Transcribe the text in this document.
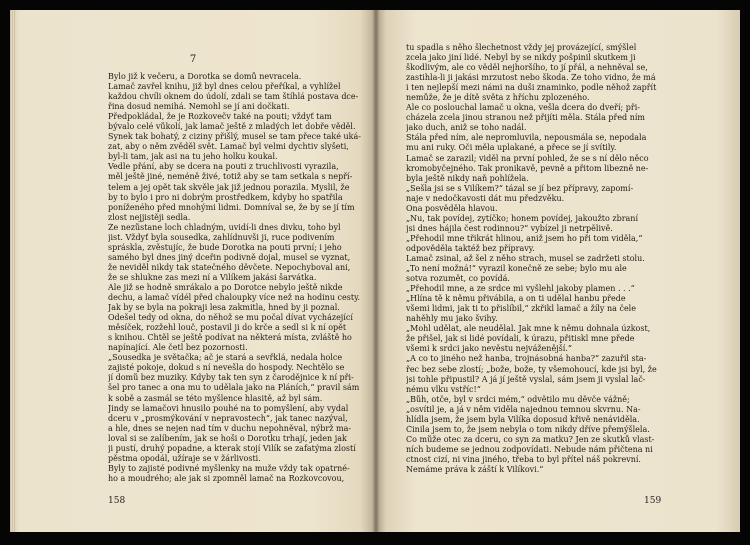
7
Bylo již k večeru, a Dorotka se domů nevracela.
Lamač zavřel knihu, již byl dnes celou přeříkal, a vyhlížel
každou chvíli oknem do údolí, zdali se tam štíhlá postava dce-
řina dosud nemihá. Nemohl se jí ani dočkati.
Předpokládal, že je Rozkovečv také na pouti; vždyť tam
bývalo celé vůkolí, jak lamač ještě z mladých let dobře věděl.
Synek tak bohatý, z ciziny přišlý, musel se tam přece také uká-
zat, aby o něm zvěděl svět. Lamač byl velmi dychtiv slyšeti,
byl-li tam, jak asi na tu jeho holku koukal.
Vedle přání, aby se dcera na pouti z truchlivosti vyrazila,
měl ještě jiné, neméně živé, totiž aby se tam setkala s nepří-
telem a jej opět tak skvěle jak již jednou porazila. Myslil, že
by to bylo i pro ni dobrým prostředkem, kdyby ho spatřila
poníženého před mnohými lidmi. Domníval se, že by se jí tím
zlost nejjistěji sedla.
Že nezůstane loch chladným, uvidí-li dnes divku, toho byl
jist. Vždyť byla sousedka, zahlídnuvši ji, ruce podivením
spráskla, zvěstujíc, že bude Dorotka na pouti první; i jeho
samého byl dnes jiný dceřin podivně dojal, musel se vyznat,
že neviděl nikdy tak statečného děvčete. Nepochyboval ani,
že se shlukne zas mezi ní a Vilíkem jakási šarvátka.
Ale již se hodně smrákalo a po Dorotce nebylo ještě nikde
dechu, a lamač vídél před chaloupky více než na hodinu cesty.
Jak by se byla na pokraji lesa zakmitla, hned by ji poznal.
Odešel tedy od okna, do něhož se mu počal dívat vycházející
měsíček, rozžehl louč, postavil ji do krče a sedl si k ní opět
s knihou. Chtěl se ještě podívat na některá místa, zvláště ho
napínající. Ale četl bez pozornosti.
„Sousedka je světačka; ač je stará a sevřklá, nedala holce
zajisté pokoje, dokud s ní nevešla do hospody. Nechtělo se
jí domů bez muziky. Kdyby tak ten syn z čarodějnice k ní při-
šel pro tanec a ona mu to udělala jako na Pláních,“ pravil sám
k sobě a zasmál se této myšlence hlasitě, až byl sám.
Jindy se lamačovi hnusilo pouhé na to pomyšlení, aby vydal
dceru v „prosmýkování v nepravostech“, jak tanec nazýval,
a hle, dnes se nejen nad tím v duchu nepohněval, nýbrž ma-
loval si se zalíbením, jak se hoši o Dorotku trhají, jeden jak
ji pustí, druhý popadne, a kterak stojí Vilík se zafatýma zlostí
pěstma opodál, užíraje se v žárlivosti.
Byly to zajisté podivné myšlenky na muže vždy tak opatrné-
ho a moudrého; ale jak si zpomněl lamač na Rozkovcovou,
158
tu spadla s něho šlechetnost vždy jej provázející, smýšlel
zcela jako jiní lidé. Nebyl by se nikdy pošpinil skutkem ji
škodlivým, ale co věděl nejhoršího, to jí přál, a nehněval se,
zastihla-li ji jakási mrzutost nebo škoda. Že toho vidno, že má
i ten nejlepší mezi námi na duši znaminko, podle něhož zapřít
nemůže, že je dítě světa z hříchu zplozeného.
Ale co poslouchal lamač u okna, vešla dcera do dveří; při-
cházela zcela jinou stranou než přijíti měla. Stála před ním
jako duch, aniž se toho nadál.
Stála před ním, ale nepromluvila, nepousmála se, nepodala
mu ani ruky. Oči měla uplakané, a přece se jí svítily.
Lamač se zarazil; viděl na první pohled, že se s ní dělo něco
kromobyčejného. Tak pronikavě, pevně a přitom libezně ne-
byla ještě nikdy naň pohlížela.
„Sešla jsi se s Vilíkem?“ tázal se jí bez přípravy, zapomí-
naje v nedočkavosti dát mu předzvěku.
Ona posvěděla hlavou.
„Nu, tak povídej, zytíčko; honem povídej, jakoužto zbraní
jsi dnes hájila čest rodinnou?“ vybízel ji netrpělivě.
„Přehodil mne třikrát hlinou, aniž jsem ho při tom viděla,“
odpověděla taktéž bez přípravy.
Lamač zsinal, až šel z něho strach, musel se zadržeti stolu.
„To není možná!“ vyrazil konečně ze sebe; bylo mu ale
sotva rozumět, co povídá.
„Přehodil mne, a ze srdce mi vyšlehl jakoby plamen . . .“
„Hlína tě k němu přivábila, a on ti udělal hanbu přede
všemi lidmi, jak ti to přislíbil,“ zkřikl lamač a žíly na čele
nahěhly mu jako švihy.
„Mohl udělat, ale neudělal. Jak mne k němu dohnala úzkost,
že přišel, jak si lidé povídali, k úrazu, přitiskl mne přede
všemi k srdci jako nevěstu nejváženější.“
„A co to jiného než hanba, trojnásobná hanba?“ zazuřil sta-
řec bez sebe zlostí; „bože, bože, ty všemohoucí, kde jsi byl, že
jsi tohle připustil? A já jí ještě vyslal, sám jsem ji vyslal lač-
nému vlku vstříc!“
„Bůh, otče, byl v srdci mém,“ odvětilo mu děvče vážně;
„osvítil je, a já v něm viděla najednou temnou skvrnu. Na-
hlídla jsem, že jsem byla Vilíka doposud křivě nenáviděla.
Činila jsem to, že jsem nebyla o tom nikdy dříve přemýšlela.
Co může otec za dceru, co syn za matku? Jen ze skutků vlast-
ních budeme se jednou zodpovídati. Nebude nám přičtena ni
ctnost cizí, ni vina jiného, třeba to byl přítel náš pokrevní.
Nemáme práva k záští k Vilíkovi.“
159
